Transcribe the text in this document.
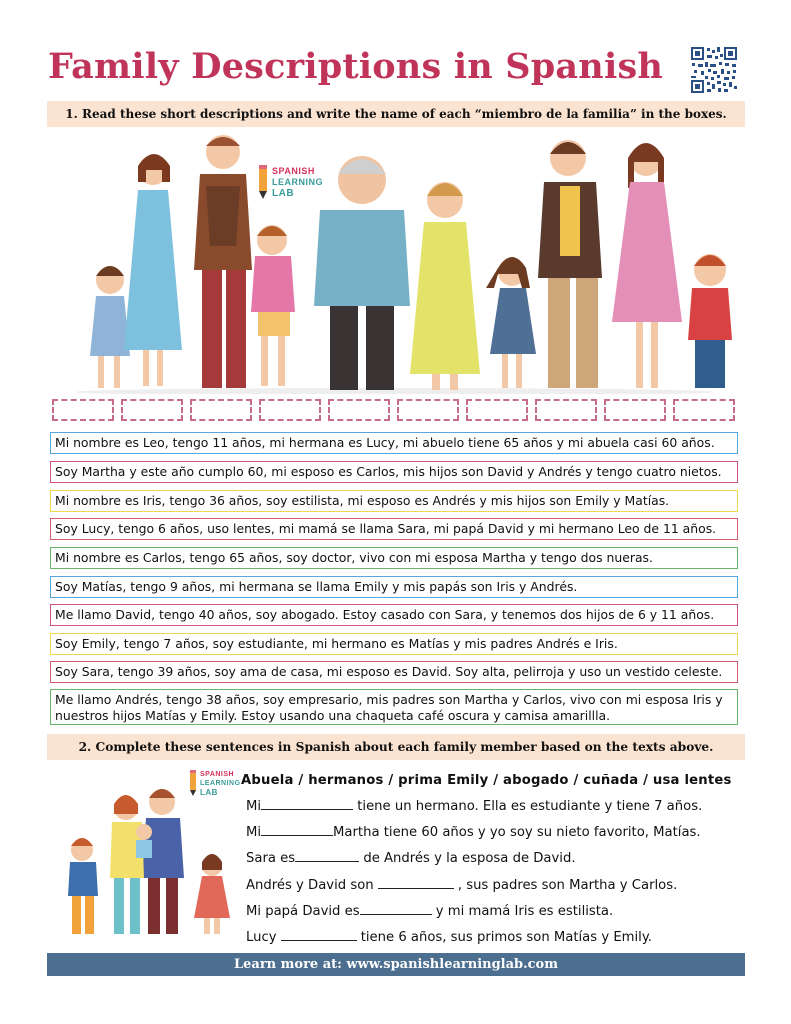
Family Descriptions in Spanish
1. Read these short descriptions and write the name of each “miembro de la familia” in the boxes.
SPANISH
LEARNING
LAB
Mi nombre es Leo, tengo 11 años, mi hermana es Lucy, mi abuelo tiene 65 años y mi abuela casi 60 años.
Soy Martha y este año cumplo 60, mi esposo es Carlos, mis hijos son David y Andrés y tengo cuatro nietos.
Mi nombre es Iris, tengo 36 años, soy estilista, mi esposo es Andrés y mis hijos son Emily y Matías.
Soy Lucy, tengo 6 años, uso lentes, mi mamá se llama Sara, mi papá David y mi hermano Leo de 11 años.
Mi nombre es Carlos, tengo 65 años, soy doctor, vivo con mi esposa Martha y tengo dos nueras.
Soy Matías, tengo 9 años, mi hermana se llama Emily y mis papás son Iris y Andrés.
Me llamo David, tengo 40 años, soy abogado. Estoy casado con Sara, y tenemos dos hijos de 6 y 11 años.
Soy Emily, tengo 7 años, soy estudiante, mi hermano es Matías y mis padres Andrés e Iris.
Soy Sara, tengo 39 años, soy ama de casa, mi esposo es David. Soy alta, pelirroja y uso un vestido celeste.
Me llamo Andrés, tengo 38 años, soy empresario, mis padres son Martha y Carlos, vivo con mi esposa Iris y nuestros hijos Matías y Emily. Estoy usando una chaqueta café oscura y camisa amarillla.
2. Complete these sentences in Spanish about each family member based on the texts above.
SPANISH
LEARNING
LAB
Abuela / hermanos / prima Emily / abogado / cuñada / usa lentes
Mi	tiene un hermano. Ella es estudiante y tiene 7 años.
Mi	Martha tiene 60 años y yo soy su nieto favorito, Matías.
Sara es	de Andrés y la esposa de David.
Andrés y David son	, sus padres son Martha y Carlos.
Mi papá David es	y mi mamá Iris es estilista.
Lucy	tiene 6 años, sus primos son Matías y Emily.
Learn more at: www.spanishlearninglab.com
